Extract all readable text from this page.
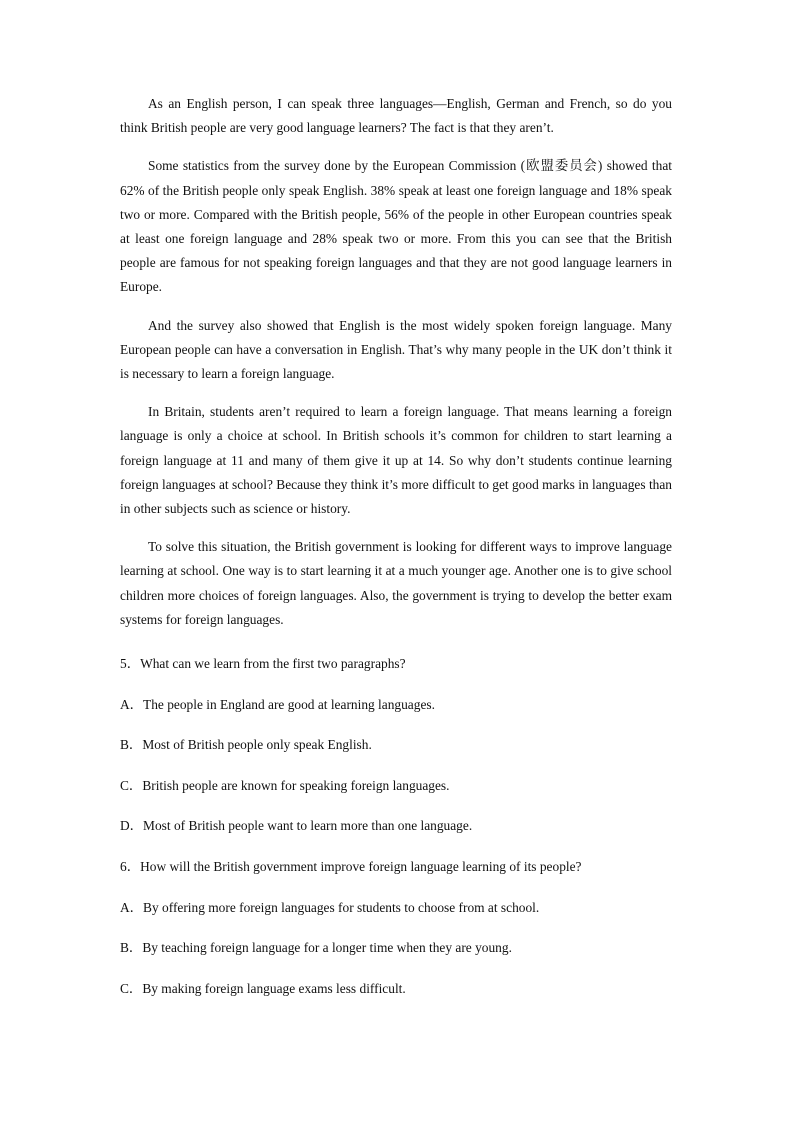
As an English person, I can speak three languages—English, German and French, so do you think British people are very good language learners? The fact is that they aren’t.

Some statistics from the survey done by the European Commission (欧盟委员会) showed that 62% of the British people only speak English. 38% speak at least one foreign language and 18% speak two or more. Compared with the British people, 56% of the people in other European countries speak at least one foreign language and 28% speak two or more. From this you can see that the British people are famous for not speaking foreign languages and that they are not good language learners in Europe.

And the survey also showed that English is the most widely spoken foreign language. Many European people can have a conversation in English. That’s why many people in the UK don’t think it is necessary to learn a foreign language.

In Britain, students aren’t required to learn a foreign language. That means learning a foreign language is only a choice at school. In British schools it’s common for children to start learning a foreign language at 11 and many of them give it up at 14. So why don’t students continue learning foreign languages at school? Because they think it’s more difficult to get good marks in languages than in other subjects such as science or history.

To solve this situation, the British government is looking for different ways to improve language learning at school. One way is to start learning it at a much younger age. Another one is to give school children more choices of foreign languages. Also, the government is trying to develop the better exam systems for foreign languages.

5．What can we learn from the first two paragraphs?

A．The people in England are good at learning languages.

B．Most of British people only speak English.

C．British people are known for speaking foreign languages.

D．Most of British people want to learn more than one language.

6．How will the British government improve foreign language learning of its people?

A．By offering more foreign languages for students to choose from at school.

B．By teaching foreign language for a longer time when they are young.

C．By making foreign language exams less difficult.
